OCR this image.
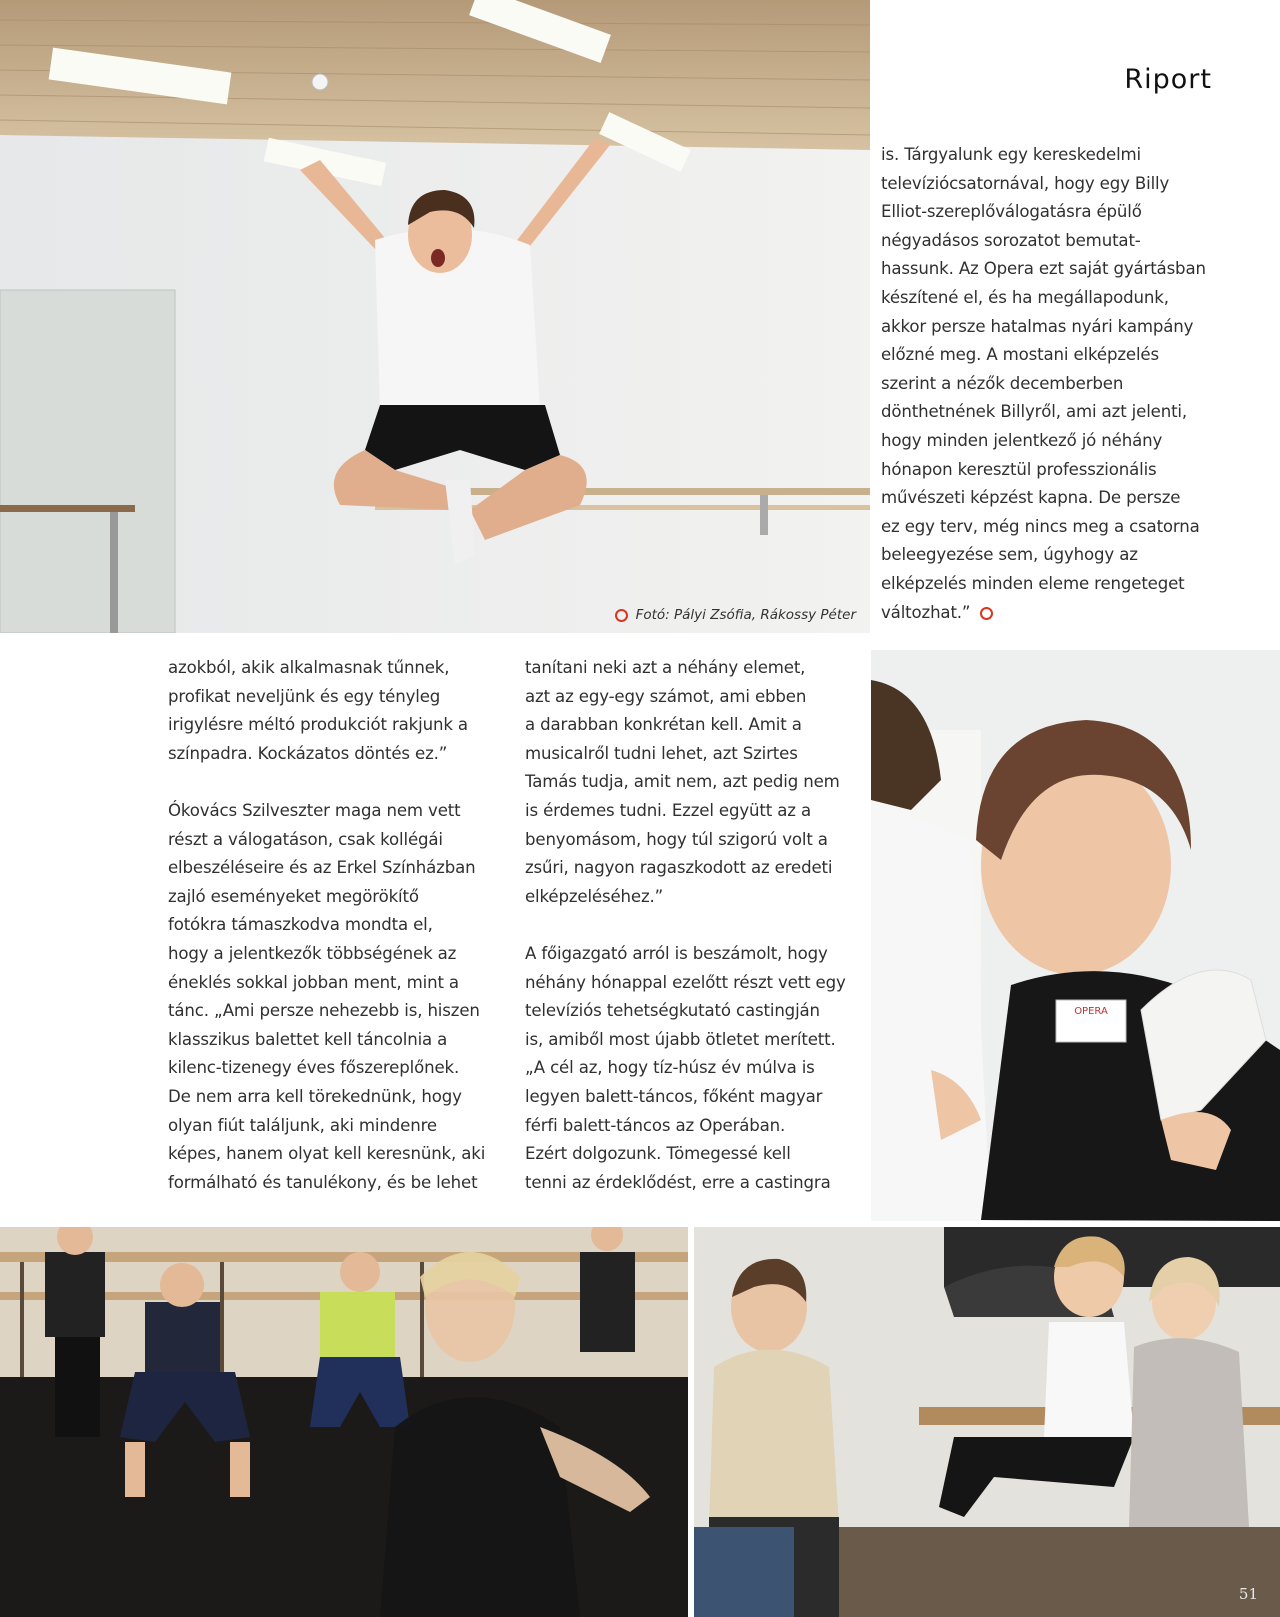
Fotó: Pályi Zsófia, Rákossy Péter
Riport
is. Tárgyalunk egy kereskedelmi
televíziócsatornával, hogy egy Billy
Elliot-szereplőválogatásra épülő
négyadásos sorozatot bemutat-
hassunk. Az Opera ezt saját gyártásban
készítené el, és ha megállapodunk,
akkor persze hatalmas nyári kampány
előzné meg. A mostani elképzelés
szerint a nézők decemberben
dönthetnének Billyről, ami azt jelenti,
hogy minden jelentkező jó néhány
hónapon keresztül professzionális
művészeti képzést kapna. De persze
ez egy terv, még nincs meg a csatorna
beleegyezése sem, úgyhogy az
elképzelés minden eleme rengeteget
változhat.”
azokból, akik alkalmasnak tűnnek,
profikat neveljünk és egy tényleg
irigylésre méltó produkciót rakjunk a
színpadra. Kockázatos döntés ez.”

Ókovács Szilveszter maga nem vett
részt a válogatáson, csak kollégái
elbeszéléseire és az Erkel Színházban
zajló eseményeket megörökítő
fotókra támaszkodva mondta el,
hogy a jelentkezők többségének az
éneklés sokkal jobban ment, mint a
tánc. „Ami persze nehezebb is, hiszen
klasszikus balettet kell táncolnia a
kilenc-tizenegy éves főszereplőnek.
De nem arra kell törekednünk, hogy
olyan fiút találjunk, aki mindenre
képes, hanem olyat kell keresnünk, aki
formálható és tanulékony, és be lehet
tanítani neki azt a néhány elemet,
azt az egy-egy számot, ami ebben
a darabban konkrétan kell. Amit a
musicalről tudni lehet, azt Szirtes
Tamás tudja, amit nem, azt pedig nem
is érdemes tudni. Ezzel együtt az a
benyomásom, hogy túl szigorú volt a
zsűri, nagyon ragaszkodott az eredeti
elképzeléséhez.”

A főigazgató arról is beszámolt, hogy
néhány hónappal ezelőtt részt vett egy
televíziós tehetségkutató castingján
is, amiből most újabb ötletet merített.
„A cél az, hogy tíz-húsz év múlva is
legyen balett-táncos, főként magyar
férfi balett-táncos az Operában.
Ezért dolgozunk. Tömegessé kell
tenni az érdeklődést, erre a castingra
OPERA
51
